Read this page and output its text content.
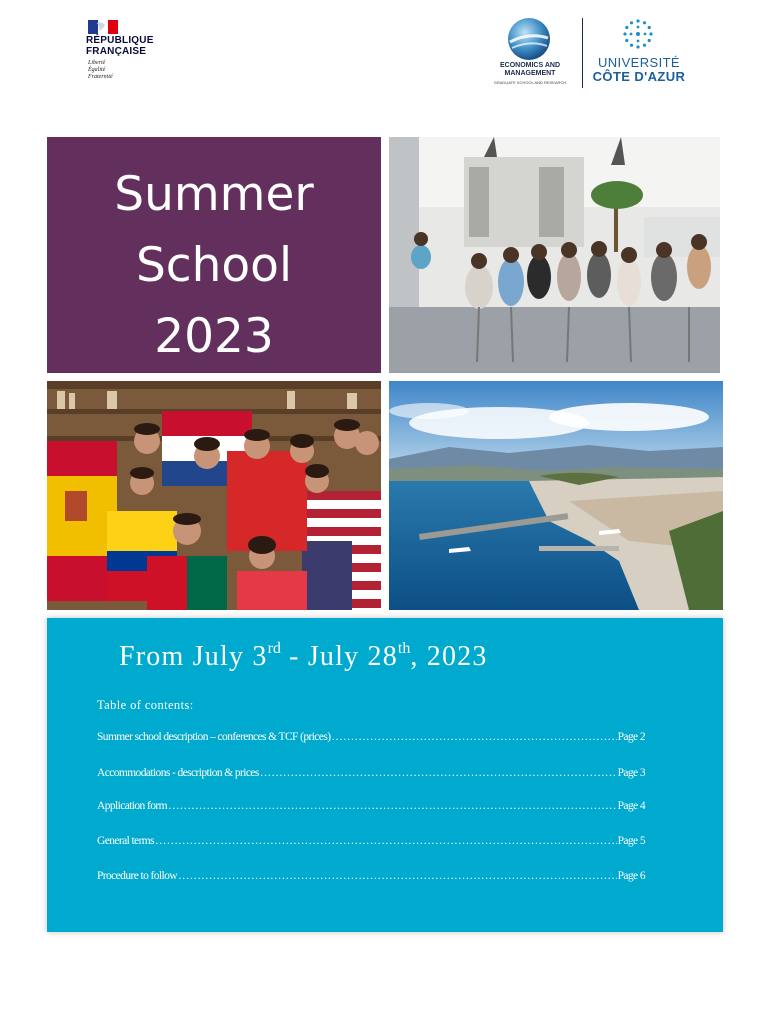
RÉPUBLIQUE
FRANÇAISE
Liberté
Égalité
Fraternité
ECONOMICS AND
MANAGEMENT
GRADUATE SCHOOL AND RESEARCH
UNIVERSITÉ
CÔTE D'AZUR
Summer
School
2023
From July 3rd - July 28th, 2023
Table of contents:
Summer school description – conferences & TCF (prices) …………………………………………………………………………………………………………………………………………………………………………	Page 2
Accommodations - description & prices …………………………………………………………………………………………………………………………………………………………………………	Page 3
Application form …………………………………………………………………………………………………………………………………………………………………………	Page 4
General terms …………………………………………………………………………………………………………………………………………………………………………	Page 5
Procedure to follow …………………………………………………………………………………………………………………………………………………………………………	Page 6
